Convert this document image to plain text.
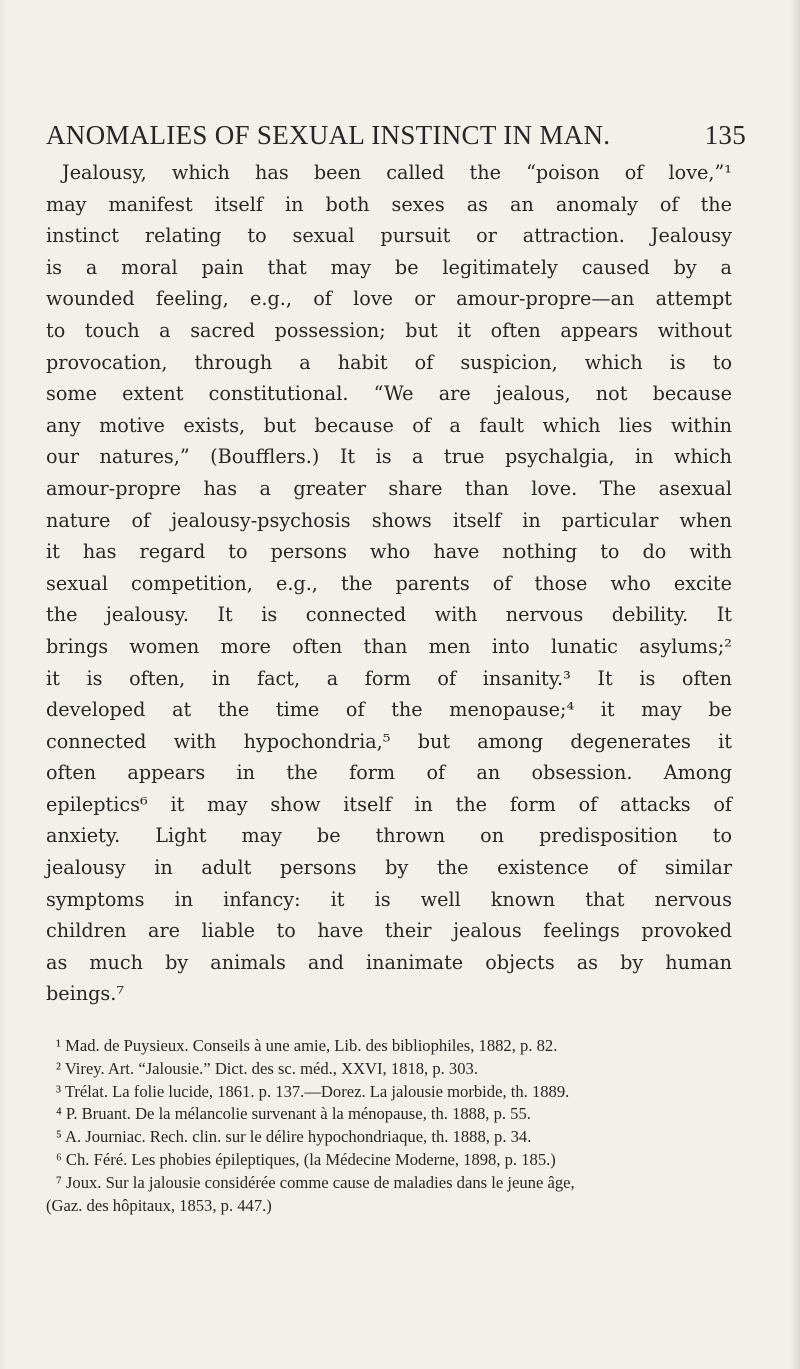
ANOMALIES OF SEXUAL INSTINCT IN MAN.	135
Jealousy, which has been called the “poison of love,”¹
may manifest itself in both sexes as an anomaly of the
instinct relating to sexual pursuit or attraction. Jealousy
is a moral pain that may be legitimately caused by a
wounded feeling, e.g., of love or amour-propre—an attempt
to touch a sacred possession; but it often appears without
provocation, through a habit of suspicion, which is to
some extent constitutional. “We are jealous, not because
any motive exists, but because of a fault which lies within
our natures,” (Boufflers.) It is a true psychalgia, in which
amour-propre has a greater share than love. The asexual
nature of jealousy-psychosis shows itself in particular when
it has regard to persons who have nothing to do with
sexual competition, e.g., the parents of those who excite
the jealousy. It is connected with nervous debility. It
brings women more often than men into lunatic asylums;²
it is often, in fact, a form of insanity.³ It is often
developed at the time of the menopause;⁴ it may be
connected with hypochondria,⁵ but among degenerates it
often appears in the form of an obsession. Among
epileptics⁶ it may show itself in the form of attacks of
anxiety. Light may be thrown on predisposition to
jealousy in adult persons by the existence of similar
symptoms in infancy: it is well known that nervous
children are liable to have their jealous feelings provoked
as much by animals and inanimate objects as by human
beings.⁷
¹ Mad. de Puysieux. Conseils à une amie, Lib. des bibliophiles, 1882, p. 82.
² Virey. Art. “Jalousie.” Dict. des sc. méd., XXVI, 1818, p. 303.
³ Trélat. La folie lucide, 1861. p. 137.—Dorez. La jalousie morbide, th. 1889.
⁴ P. Bruant. De la mélancolie survenant à la ménopause, th. 1888, p. 55.
⁵ A. Journiac. Rech. clin. sur le délire hypochondriaque, th. 1888, p. 34.
⁶ Ch. Féré. Les phobies épileptiques, (la Médecine Moderne, 1898, p. 185.)
⁷ Joux. Sur la jalousie considérée comme cause de maladies dans le jeune âge,
(Gaz. des hôpitaux, 1853, p. 447.)
